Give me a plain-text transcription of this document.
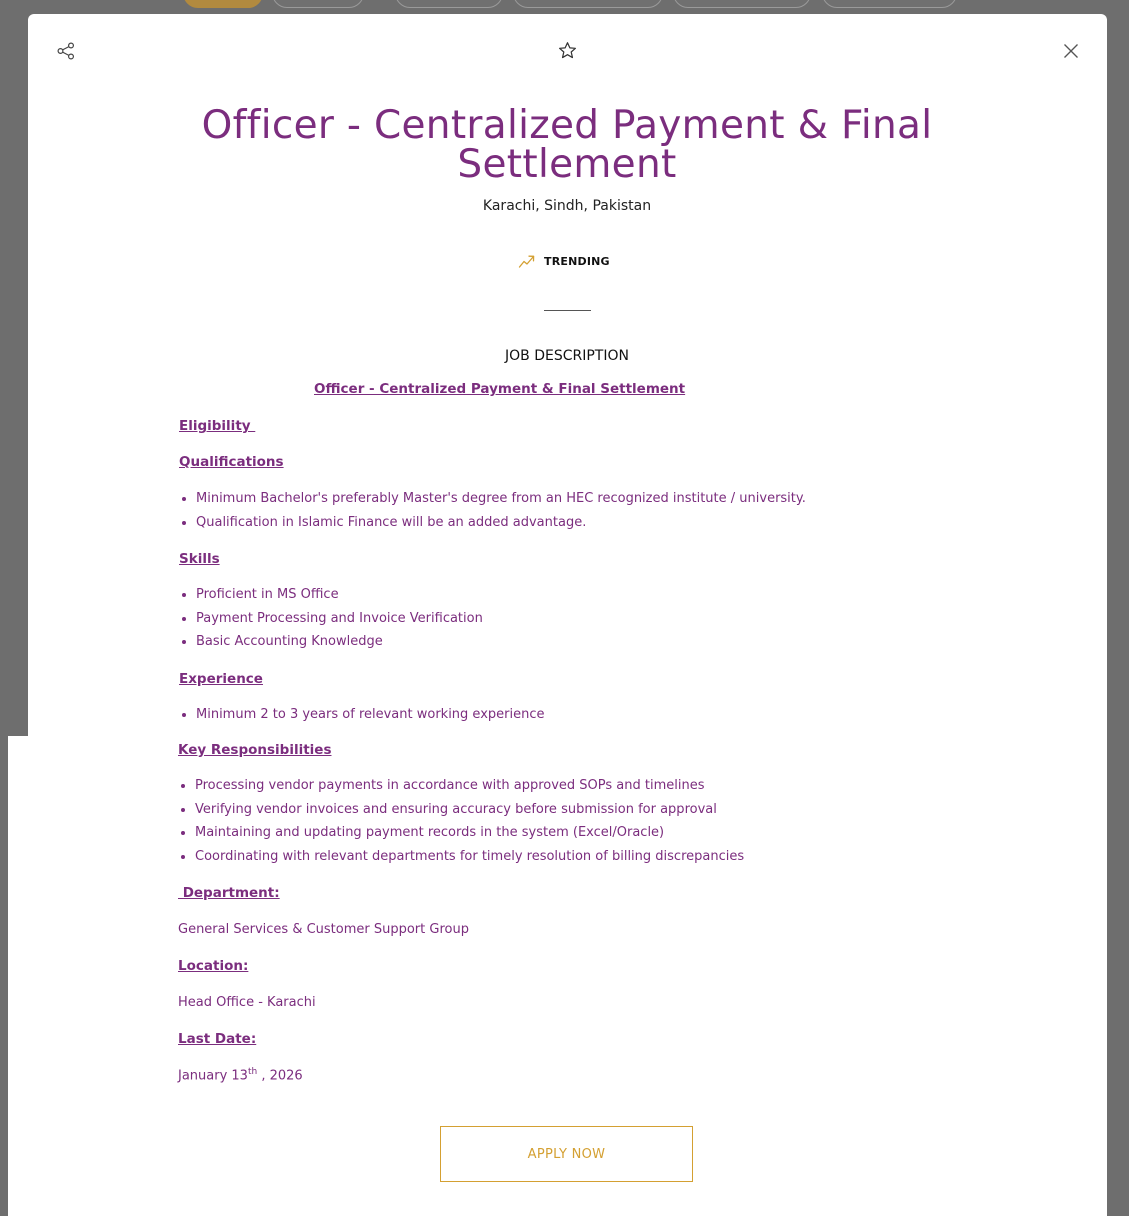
Officer - Centralized Payment & Final Settlement
Karachi, Sindh, Pakistan
TRENDING
JOB DESCRIPTION
Officer - Centralized Payment & Final Settlement
Eligibility
Qualifications
• Minimum Bachelor's preferably Master's degree from an HEC recognized institute / university.
• Qualification in Islamic Finance will be an added advantage.
Skills
• Proficient in MS Office
• Payment Processing and Invoice Verification
• Basic Accounting Knowledge
Experience
• Minimum 2 to 3 years of relevant working experience
Key Responsibilities
• Processing vendor payments in accordance with approved SOPs and timelines
• Verifying vendor invoices and ensuring accuracy before submission for approval
• Maintaining and updating payment records in the system (Excel/Oracle)
• Coordinating with relevant departments for timely resolution of billing discrepancies
Department:
General Services & Customer Support Group
Location:
Head Office - Karachi
Last Date:
January 13th , 2026
APPLY NOW
